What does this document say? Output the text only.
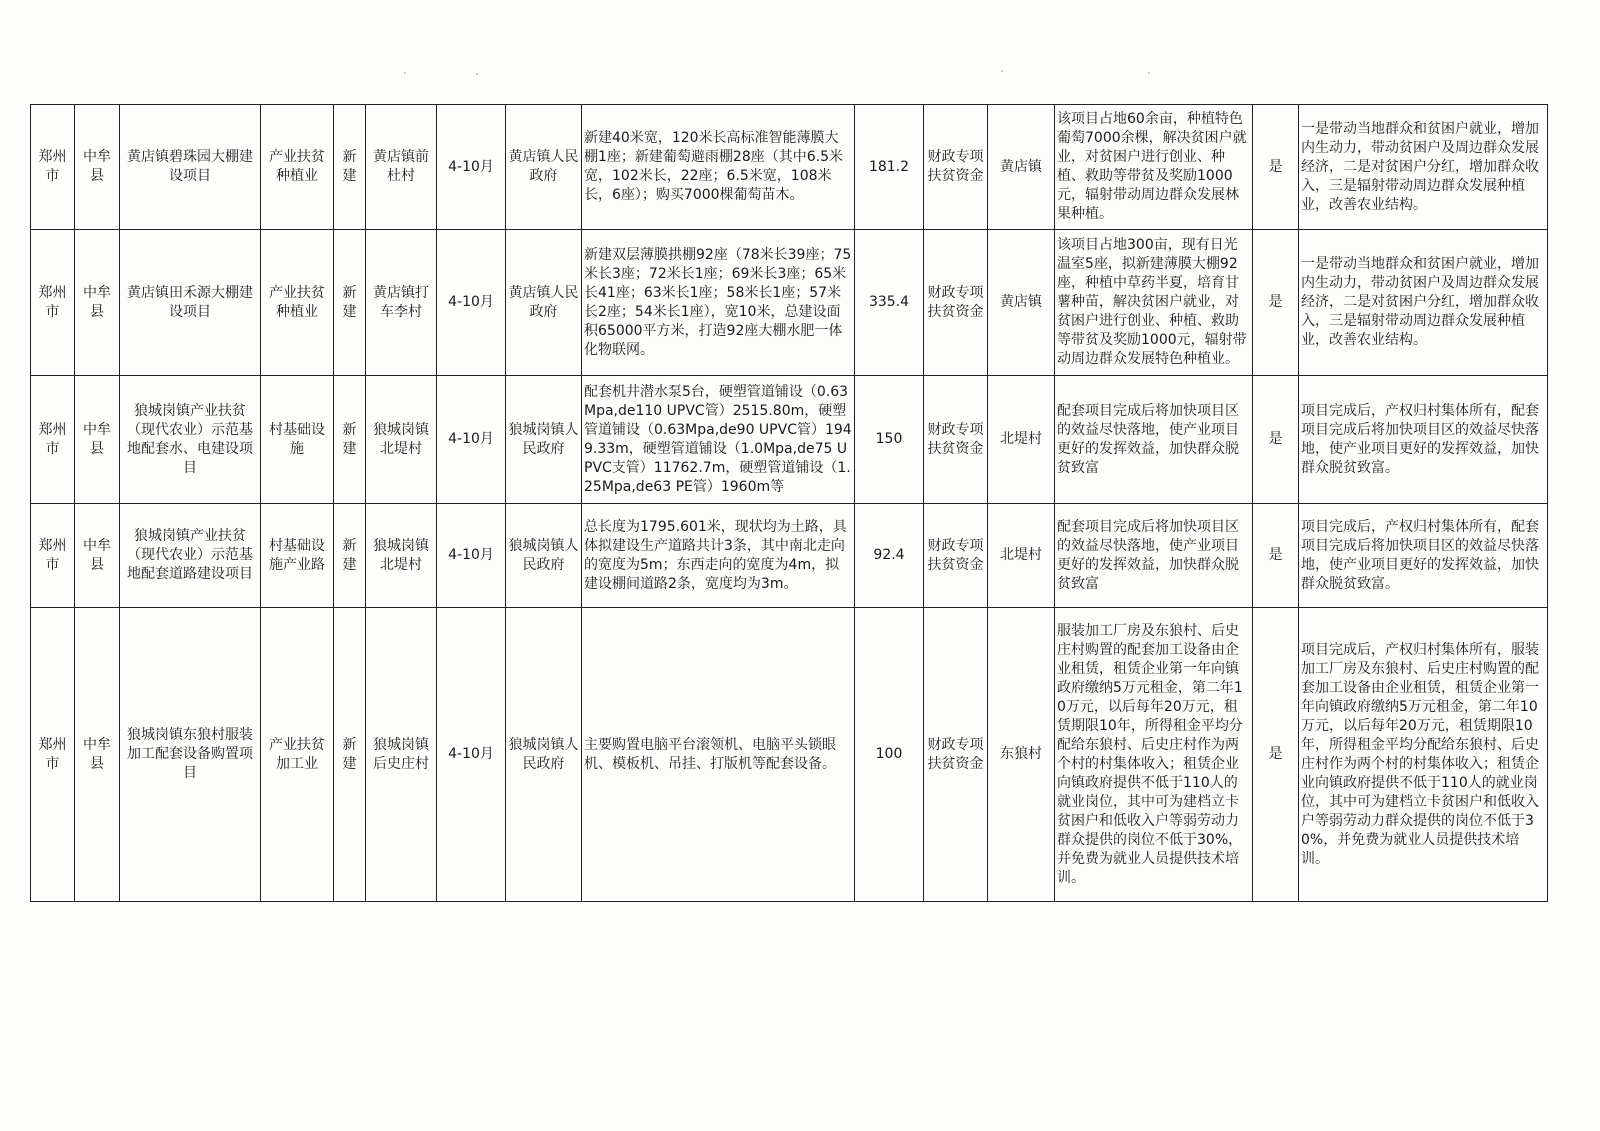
郑州市	中牟县	黄店镇碧珠园大棚建设项目	产业扶贫种植业	新建	黄店镇前杜村	4-10月	黄店镇人民政府	新建40米宽，120米长高标准智能薄膜大棚1座；新建葡萄避雨棚28座（其中6.5米宽，102米长，22座；6.5米宽，108米长，6座）；购买7000棵葡萄苗木。	181.2	财政专项扶贫资金	黄店镇	该项目占地60余亩，种植特色葡萄7000余棵，解决贫困户就业，对贫困户进行创业、种植、救助等带贫及奖励1000元，辐射带动周边群众发展林果种植。	是	一是带动当地群众和贫困户就业，增加内生动力，带动贫困户及周边群众发展经济，二是对贫困户分红，增加群众收入，三是辐射带动周边群众发展种植业，改善农业结构。

郑州市	中牟县	黄店镇田禾源大棚建设项目	产业扶贫种植业	新建	黄店镇打车李村	4-10月	黄店镇人民政府	新建双层薄膜拱棚92座（78米长39座；75米长3座；72米长1座；69米长3座；65米长41座；63米长1座；58米长1座；57米长2座；54米长1座），宽10米，总建设面积65000平方米，打造92座大棚水肥一体化物联网。	335.4	财政专项扶贫资金	黄店镇	该项目占地300亩，现有日光温室5座，拟新建薄膜大棚92座，种植中草药半夏，培育甘薯种苗，解决贫困户就业，对贫困户进行创业、种植、救助等带贫及奖励1000元，辐射带动周边群众发展特色种植业。	是	一是带动当地群众和贫困户就业，增加内生动力，带动贫困户及周边群众发展经济，二是对贫困户分红，增加群众收入，三是辐射带动周边群众发展种植业，改善农业结构。

郑州市	中牟县	狼城岗镇产业扶贫（现代农业）示范基地配套水、电建设项目	村基础设施	新建	狼城岗镇北堤村	4-10月	狼城岗镇人民政府	配套机井潜水泵5台，硬塑管道铺设（0.63Mpa,de110 UPVC管）2515.80m，硬塑管道铺设（0.63Mpa,de90 UPVC管）1949.33m，硬塑管道铺设（1.0Mpa,de75 UPVC支管）11762.7m，硬塑管道铺设（1.25Mpa,de63 PE管）1960m等	150	财政专项扶贫资金	北堤村	配套项目完成后将加快项目区的效益尽快落地，使产业项目更好的发挥效益，加快群众脱贫致富	是	项目完成后，产权归村集体所有，配套项目完成后将加快项目区的效益尽快落地，使产业项目更好的发挥效益，加快群众脱贫致富。

郑州市	中牟县	狼城岗镇产业扶贫（现代农业）示范基地配套道路建设项目	村基础设施产业路	新建	狼城岗镇北堤村	4-10月	狼城岗镇人民政府	总长度为1795.601米，现状均为土路，具体拟建设生产道路共计3条，其中南北走向的宽度为5m；东西走向的宽度为4m，拟建设棚间道路2条，宽度均为3m。	92.4	财政专项扶贫资金	北堤村	配套项目完成后将加快项目区的效益尽快落地，使产业项目更好的发挥效益，加快群众脱贫致富	是	项目完成后，产权归村集体所有，配套项目完成后将加快项目区的效益尽快落地，使产业项目更好的发挥效益，加快群众脱贫致富。

郑州市	中牟县	狼城岗镇东狼村服装加工配套设备购置项目	产业扶贫加工业	新建	狼城岗镇后史庄村	4-10月	狼城岗镇人民政府	主要购置电脑平台滚领机、电脑平头锁眼机、模板机、吊挂、打版机等配套设备。	100	财政专项扶贫资金	东狼村	服装加工厂房及东狼村、后史庄村购置的配套加工设备由企业租赁，租赁企业第一年向镇政府缴纳5万元租金，第二年10万元，以后每年20万元，租赁期限10年，所得租金平均分配给东狼村、后史庄村作为两个村的村集体收入；租赁企业向镇政府提供不低于110人的就业岗位，其中可为建档立卡贫困户和低收入户等弱劳动力群众提供的岗位不低于30%，并免费为就业人员提供技术培训。	是	项目完成后，产权归村集体所有，服装加工厂房及东狼村、后史庄村购置的配套加工设备由企业租赁，租赁企业第一年向镇政府缴纳5万元租金，第二年10万元，以后每年20万元，租赁期限10年，所得租金平均分配给东狼村、后史庄村作为两个村的村集体收入；租赁企业向镇政府提供不低于110人的就业岗位，其中可为建档立卡贫困户和低收入户等弱劳动力群众提供的岗位不低于30%，并免费为就业人员提供技术培训。
